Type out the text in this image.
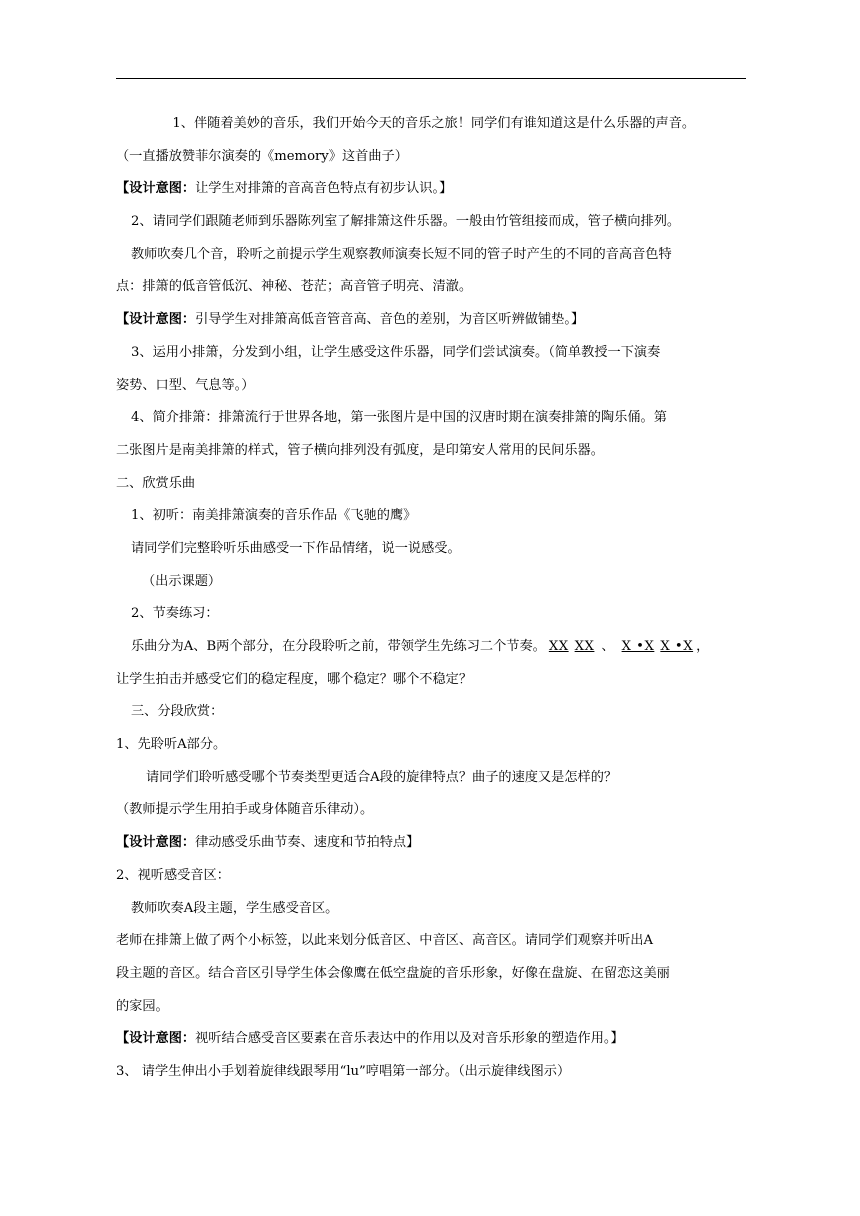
　　1、伴随着美妙的音乐，我们开始今天的音乐之旅！同学们有谁知道这是什么乐器的声音。
（一直播放赞菲尔演奏的《memory》这首曲子）
【设计意图：让学生对排箫的音高音色特点有初步认识。】
2、请同学们跟随老师到乐器陈列室了解排箫这件乐器。一般由竹管组接而成，管子横向排列。
教师吹奏几个音，聆听之前提示学生观察教师演奏长短不同的管子时产生的不同的音高音色特
点：排箫的低音管低沉、神秘、苍茫；高音管子明亮、清澈。
【设计意图：引导学生对排箫高低音管音高、音色的差别，为音区听辨做铺垫。】
3、运用小排箫，分发到小组，让学生感受这件乐器，同学们尝试演奏。（简单教授一下演奏
姿势、口型、气息等。）
4、简介排箫：排箫流行于世界各地，第一张图片是中国的汉唐时期在演奏排箫的陶乐俑。第
二张图片是南美排箫的样式，管子横向排列没有弧度，是印第安人常用的民间乐器。
二、欣赏乐曲
1、初听：南美排箫演奏的音乐作品《飞驰的鹰》
请同学们完整聆听乐曲感受一下作品情绪，说一说感受。
（出示课题）
2、节奏练习：
乐曲分为A、B两个部分，在分段聆听之前，带领学生先练习二个节奏。 XX XX 、 X •X X •X ，
让学生拍击并感受它们的稳定程度，哪个稳定？哪个不稳定？
三、分段欣赏：
1、先聆听A部分。
请同学们聆听感受哪个节奏类型更适合A段的旋律特点？曲子的速度又是怎样的？
（教师提示学生用拍手或身体随音乐律动）。
【设计意图：律动感受乐曲节奏、速度和节拍特点】
2、视听感受音区：
教师吹奏A段主题，学生感受音区。
老师在排箫上做了两个小标签，以此来划分低音区、中音区、高音区。请同学们观察并听出A
段主题的音区。结合音区引导学生体会像鹰在低空盘旋的音乐形象，好像在盘旋、在留恋这美丽
的家园。
【设计意图：视听结合感受音区要素在音乐表达中的作用以及对音乐形象的塑造作用。】
3、 请学生伸出小手划着旋律线跟琴用“lu”哼唱第一部分。（出示旋律线图示）
